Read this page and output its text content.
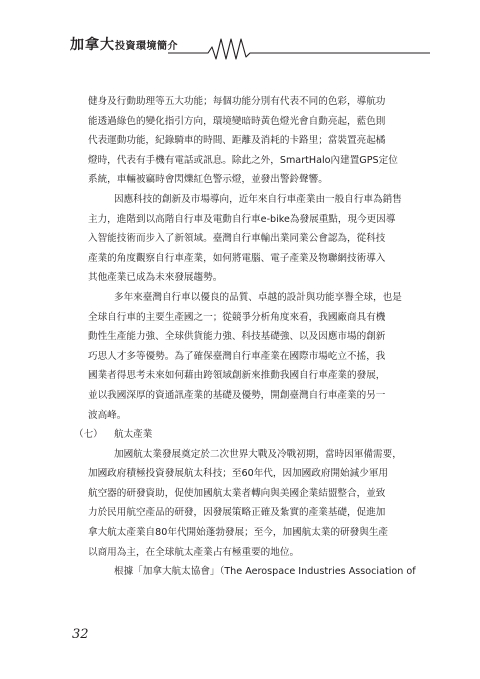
加拿大投資環境簡介
健身及行動助理等五大功能；每個功能分別有代表不同的色彩，導航功
能透過綠色的變化指引方向，環境變暗時黃色燈光會自動亮起，藍色則
代表運動功能，紀錄騎車的時間、距離及消耗的卡路里；當裝置亮起橘
燈時，代表有手機有電話或訊息。除此之外，SmartHalo內建置GPS定位
系統，車輛被竊時會閃爍紅色警示燈，並發出警鈴聲響。
因應科技的創新及市場導向，近年來自行車產業由一般自行車為銷售
主力，進階到以高階自行車及電動自行車e-bike為發展重點，現今更因導
入智能技術而步入了新領域。臺灣自行車輸出業同業公會認為，從科技
產業的角度觀察自行車產業，如何將電腦、電子產業及物聯網技術導入
其他產業已成為未來發展趨勢。
多年來臺灣自行車以優良的品質、卓越的設計與功能享譽全球，也是
全球自行車的主要生產國之一；從競爭分析角度來看，我國廠商具有機
動性生產能力強、全球供貨能力強、科技基礎強、以及因應市場的創新
巧思人才多等優勢。為了確保臺灣自行車產業在國際市場屹立不搖，我
國業者得思考未來如何藉由跨領域創新來推動我國自行車產業的發展，
並以我國深厚的資通訊產業的基礎及優勢，開創臺灣自行車產業的另一
波高峰。
（七） 航太產業
加國航太業發展奠定於二次世界大戰及冷戰初期，當時因軍備需要，
加國政府積極投資發展航太科技；至60年代，因加國政府開始減少軍用
航空器的研發資助，促使加國航太業者轉向與美國企業結盟整合，並致
力於民用航空產品的研發，因發展策略正確及紮實的產業基礎，促進加
拿大航太產業自80年代開始蓬勃發展；至今，加國航太業的研發與生產
以商用為主，在全球航太產業占有極重要的地位。
根據「加拿大航太協會」（The Aerospace Industries Association of
32
